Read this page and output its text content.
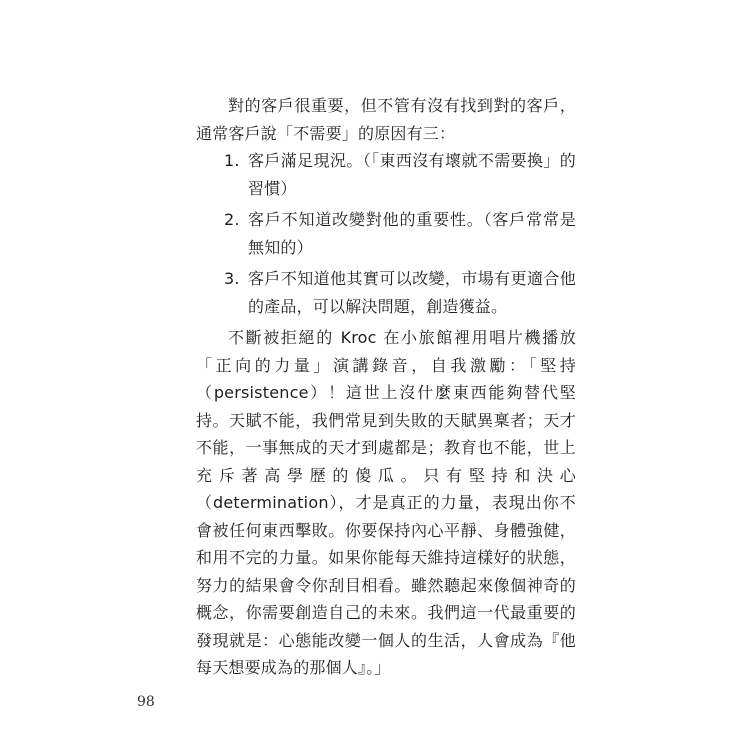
對的客戶很重要，但不管有沒有找到對的客戶，通常客戶說「不需要」的原因有三：

1. 客戶滿足現況。（「東西沒有壞就不需要換」的習慣）
2. 客戶不知道改變對他的重要性。（客戶常常是無知的）
3. 客戶不知道他其實可以改變，市場有更適合他的產品，可以解決問題，創造獲益。

不斷被拒絕的 Kroc 在小旅館裡用唱片機播放「正向的力量」演講錄音，自我激勵：「堅持（persistence）！這世上沒什麼東西能夠替代堅持。天賦不能，我們常見到失敗的天賦異稟者；天才不能，一事無成的天才到處都是；教育也不能，世上充斥著高學歷的傻瓜。只有堅持和決心（determination），才是真正的力量，表現出你不會被任何東西擊敗。你要保持內心平靜、身體強健，和用不完的力量。如果你能每天維持這樣好的狀態，努力的結果會令你刮目相看。雖然聽起來像個神奇的概念，你需要創造自己的未來。我們這一代最重要的發現就是：心態能改變一個人的生活，人會成為『他每天想要成為的那個人』。」

98
